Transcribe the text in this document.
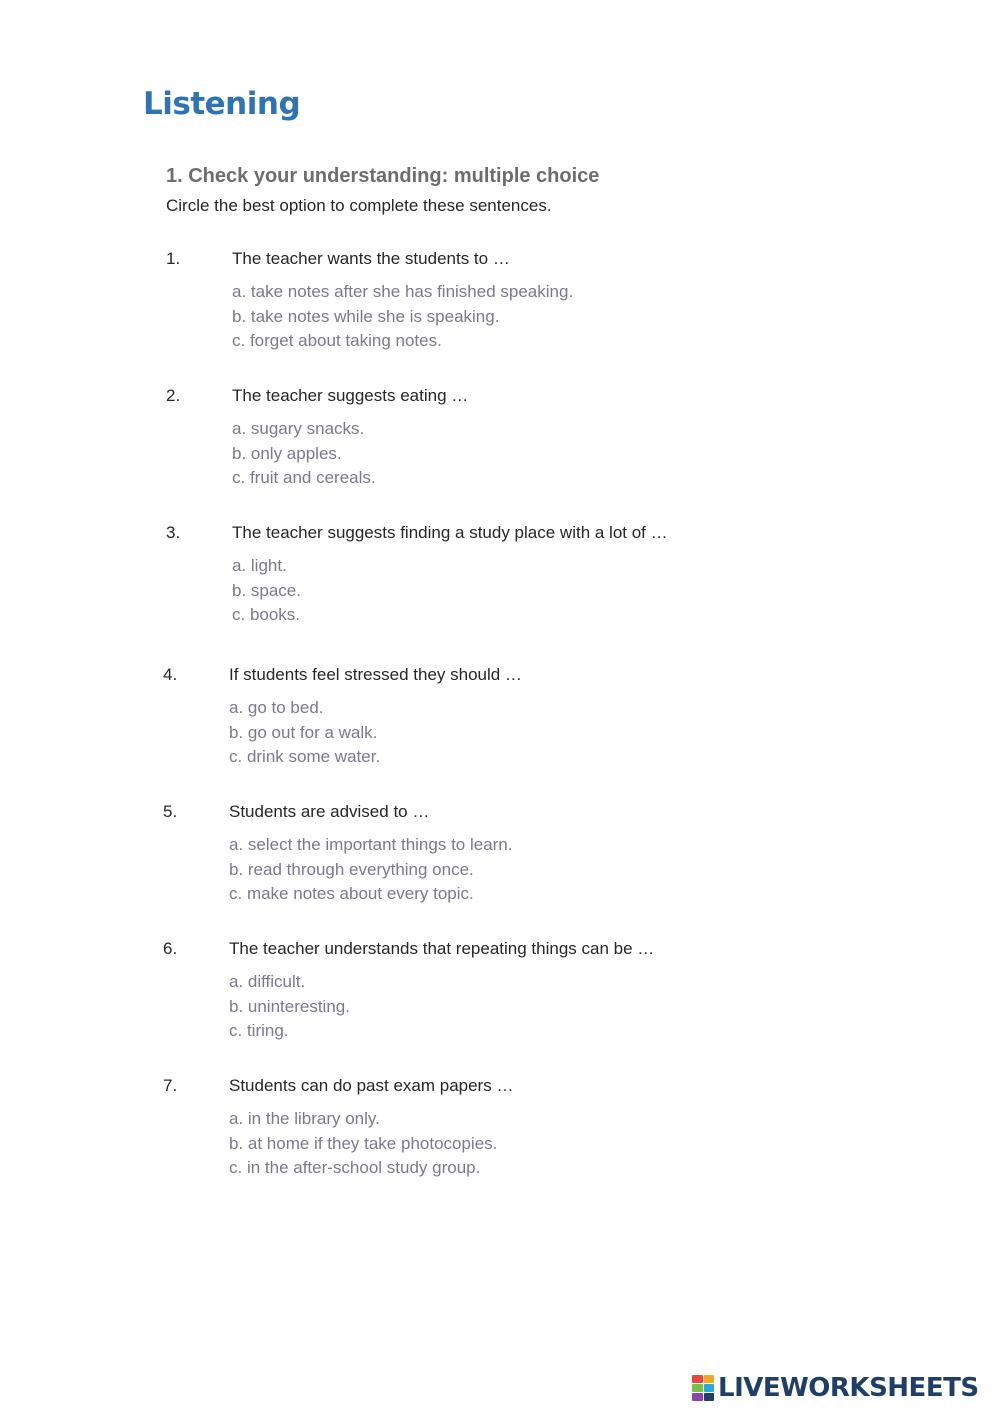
Listening
1. Check your understanding: multiple choice
Circle the best option to complete these sentences.
1.	The teacher wants the students to …
a. take notes after she has finished speaking.
b. take notes while she is speaking.
c. forget about taking notes.
2.	The teacher suggests eating …
a. sugary snacks.
b. only apples.
c. fruit and cereals.
3.	The teacher suggests finding a study place with a lot of …
a. light.
b. space.
c. books.
4.	If students feel stressed they should …
a. go to bed.
b. go out for a walk.
c. drink some water.
5.	Students are advised to …
a. select the important things to learn.
b. read through everything once.
c. make notes about every topic.
6.	The teacher understands that repeating things can be …
a. difficult.
b. uninteresting.
c. tiring.
7.	Students can do past exam papers …
a. in the library only.
b. at home if they take photocopies.
c. in the after-school study group.
LIVEWORKSHEETS
